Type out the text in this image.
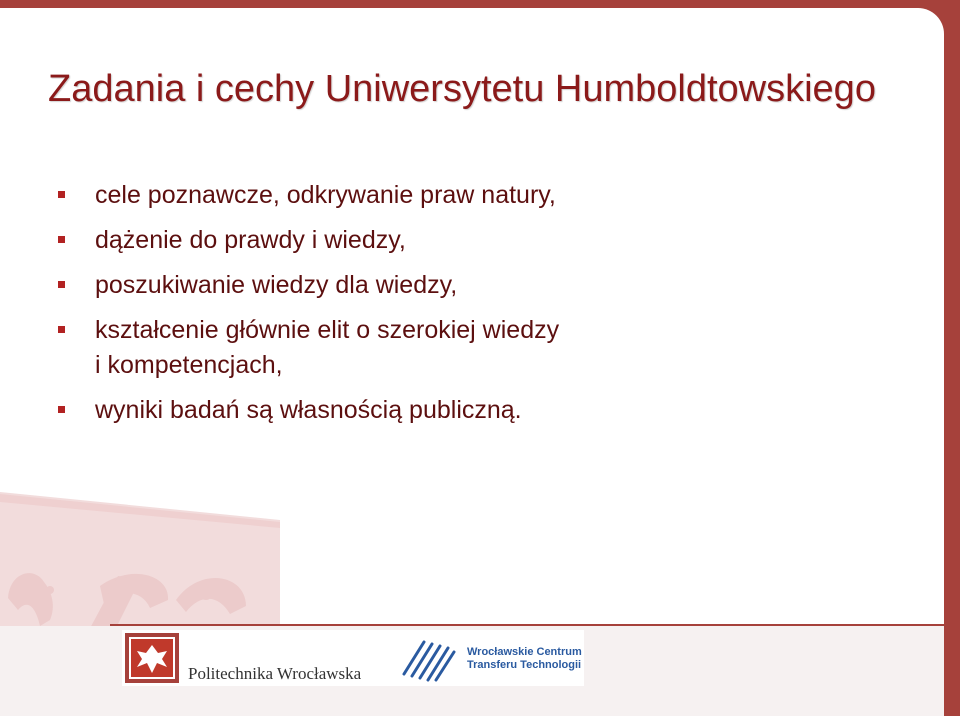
Zadania i cechy Uniwersytetu Humboldtowskiego
cele poznawcze, odkrywanie praw natury,
dążenie do prawdy i wiedzy,
poszukiwanie wiedzy dla wiedzy,
kształcenie głównie elit o szerokiej wiedzy
i kompetencjach,
wyniki badań są własnością publiczną.
Politechnika Wrocławska
Wrocławskie Centrum
Transferu Technologii
